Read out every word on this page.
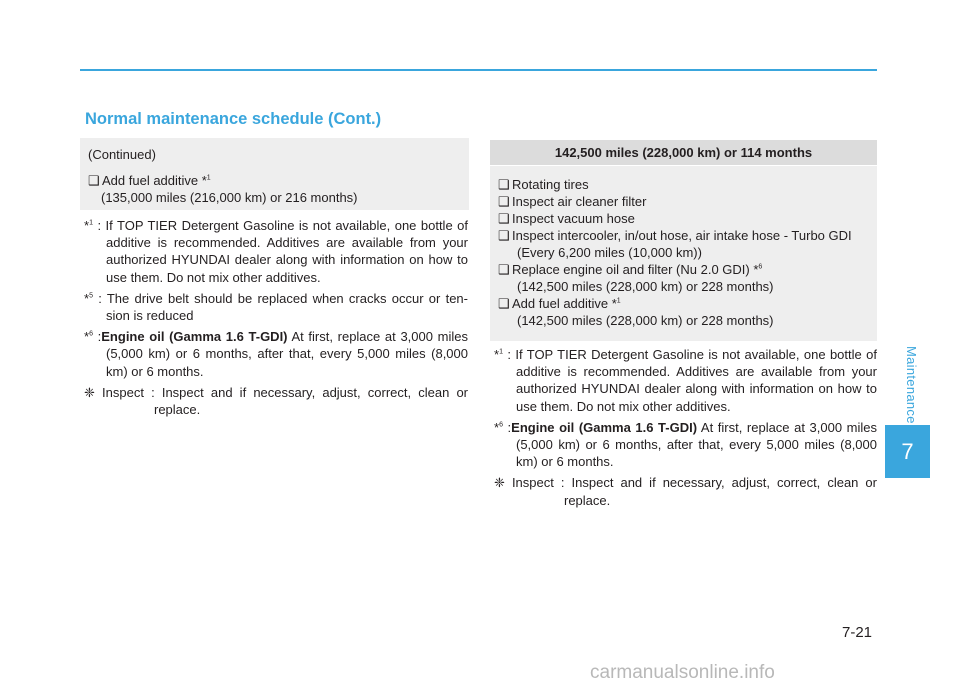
Normal maintenance schedule (Cont.)

(Continued)

❑ Add fuel additive *$^1$

(135,000 miles (216,000 km) or 216 months)

*$^1$ : If TOP TIER Detergent Gasoline is not available, one bottle of additive is recommended. Additives are available from your authorized HYUNDAI dealer along with information on how to use them. Do not mix other additives.

*$^5$ : The drive belt should be replaced when cracks occur or ten- sion is reduced

*$^6$ :Engine oil (Gamma 1.6 T-GDI) At first, replace at 3,000 miles (5,000 km) or 6 months, after that, every 5,000 miles (8,000 km) or 6 months.

❈ Inspect : Inspect and if necessary, adjust, correct, clean or replace.

142,500 miles (228,000 km) or 114 months

❑ Rotating tires

❑ Inspect air cleaner filter

❑ Inspect vacuum hose

❑ Inspect intercooler, in/out hose, air intake hose - Turbo GDI

(Every 6,200 miles (10,000 km))

❑ Replace engine oil and filter (Nu 2.0 GDI) *$^6$

(142,500 miles (228,000 km) or 228 months)

❑ Add fuel additive *$^1$

(142,500 miles (228,000 km) or 228 months)

*$^1$ : If TOP TIER Detergent Gasoline is not available, one bottle of additive is recommended. Additives are available from your authorized HYUNDAI dealer along with information on how to use them. Do not mix other additives.

*$^6$ :Engine oil (Gamma 1.6 T-GDI) At first, replace at 3,000 miles (5,000 km) or 6 months, after that, every 5,000 miles (8,000 km) or 6 months.

❈ Inspect : Inspect and if necessary, adjust, correct, clean or replace.

Maintenance
7
7-21
carmanualsonline.info
